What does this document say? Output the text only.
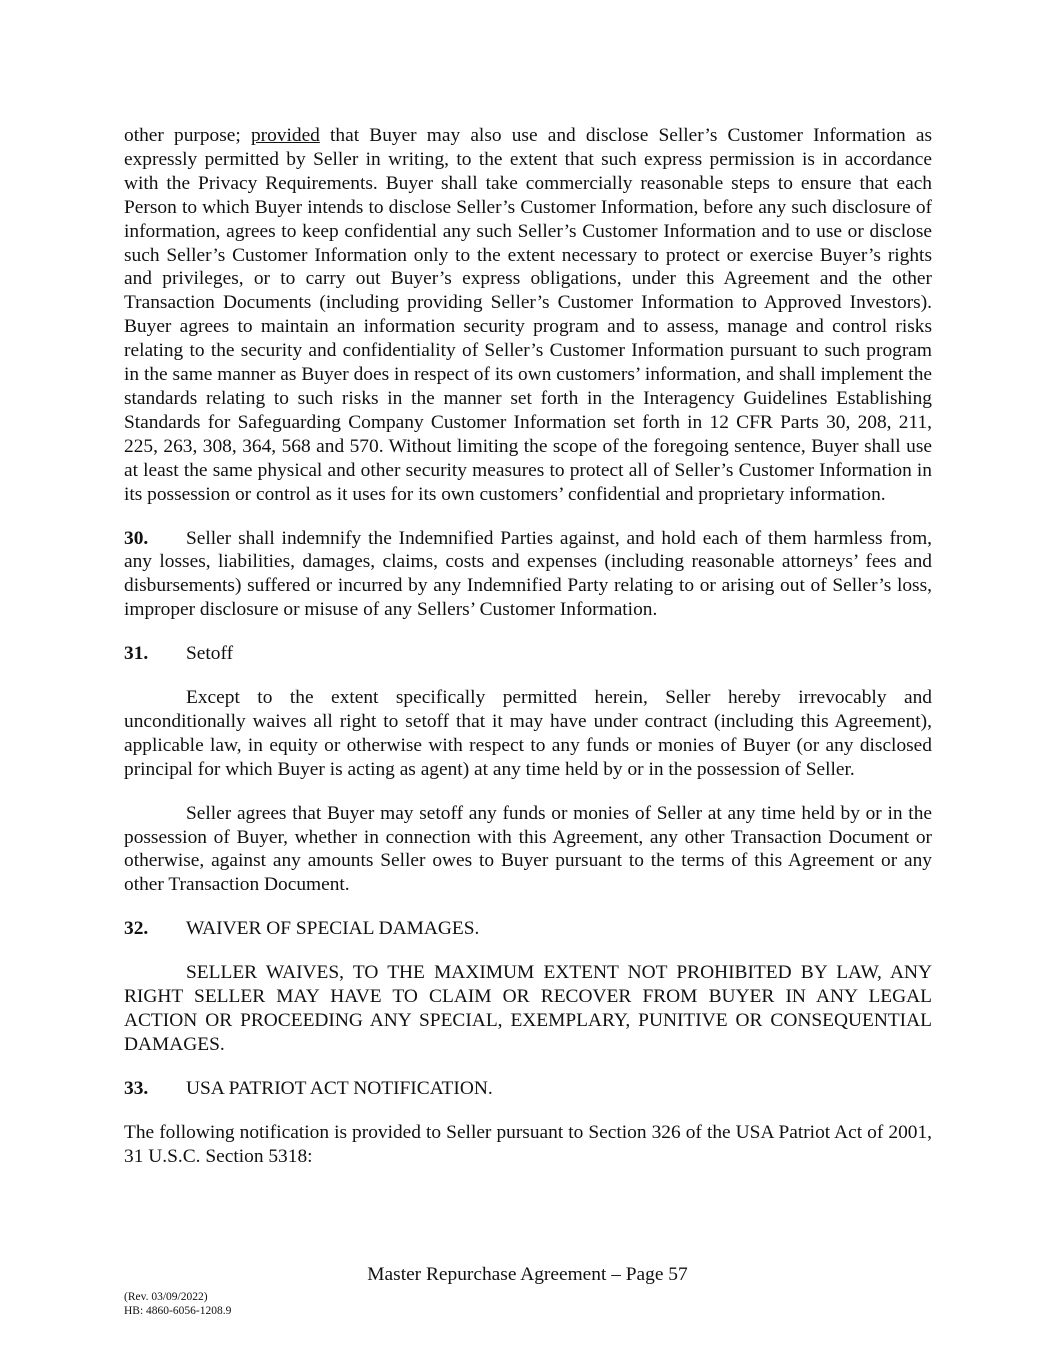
other purpose; provided that Buyer may also use and disclose Seller’s Customer Information as expressly permitted by Seller in writing, to the extent that such express permission is in accordance with the Privacy Requirements. Buyer shall take commercially reasonable steps to ensure that each Person to which Buyer intends to disclose Seller’s Customer Information, before any such disclosure of information, agrees to keep confidential any such Seller’s Customer Information and to use or disclose such Seller’s Customer Information only to the extent necessary to protect or exercise Buyer’s rights and privileges, or to carry out Buyer’s express obligations, under this Agreement and the other Transaction Documents (including providing Seller’s Customer Information to Approved Investors). Buyer agrees to maintain an information security program and to assess, manage and control risks relating to the security and confidentiality of Seller’s Customer Information pursuant to such program in the same manner as Buyer does in respect of its own customers’ information, and shall implement the standards relating to such risks in the manner set forth in the Interagency Guidelines Establishing Standards for Safeguarding Company Customer Information set forth in 12 CFR Parts 30, 208, 211, 225, 263, 308, 364, 568 and 570. Without limiting the scope of the foregoing sentence, Buyer shall use at least the same physical and other security measures to protect all of Seller’s Customer Information in its possession or control as it uses for its own customers’ confidential and proprietary information.

30. Seller shall indemnify the Indemnified Parties against, and hold each of them harmless from, any losses, liabilities, damages, claims, costs and expenses (including reasonable attorneys’ fees and disbursements) suffered or incurred by any Indemnified Party relating to or arising out of Seller’s loss, improper disclosure or misuse of any Sellers’ Customer Information.

31.	Setoff

Except to the extent specifically permitted herein, Seller hereby irrevocably and unconditionally waives all right to setoff that it may have under contract (including this Agreement), applicable law, in equity or otherwise with respect to any funds or monies of Buyer (or any disclosed principal for which Buyer is acting as agent) at any time held by or in the possession of Seller.

Seller agrees that Buyer may setoff any funds or monies of Seller at any time held by or in the possession of Buyer, whether in connection with this Agreement, any other Transaction Document or otherwise, against any amounts Seller owes to Buyer pursuant to the terms of this Agreement or any other Transaction Document.

32.	WAIVER OF SPECIAL DAMAGES.

SELLER WAIVES, TO THE MAXIMUM EXTENT NOT PROHIBITED BY LAW, ANY RIGHT SELLER MAY HAVE TO CLAIM OR RECOVER FROM BUYER IN ANY LEGAL ACTION OR PROCEEDING ANY SPECIAL, EXEMPLARY, PUNITIVE OR CONSEQUENTIAL DAMAGES.

33.	USA PATRIOT ACT NOTIFICATION.

The following notification is provided to Seller pursuant to Section 326 of the USA Patriot Act of 2001, 31 U.S.C. Section 5318:

Master Repurchase Agreement – Page 57
(Rev. 03/09/2022)
HB: 4860-6056-1208.9
